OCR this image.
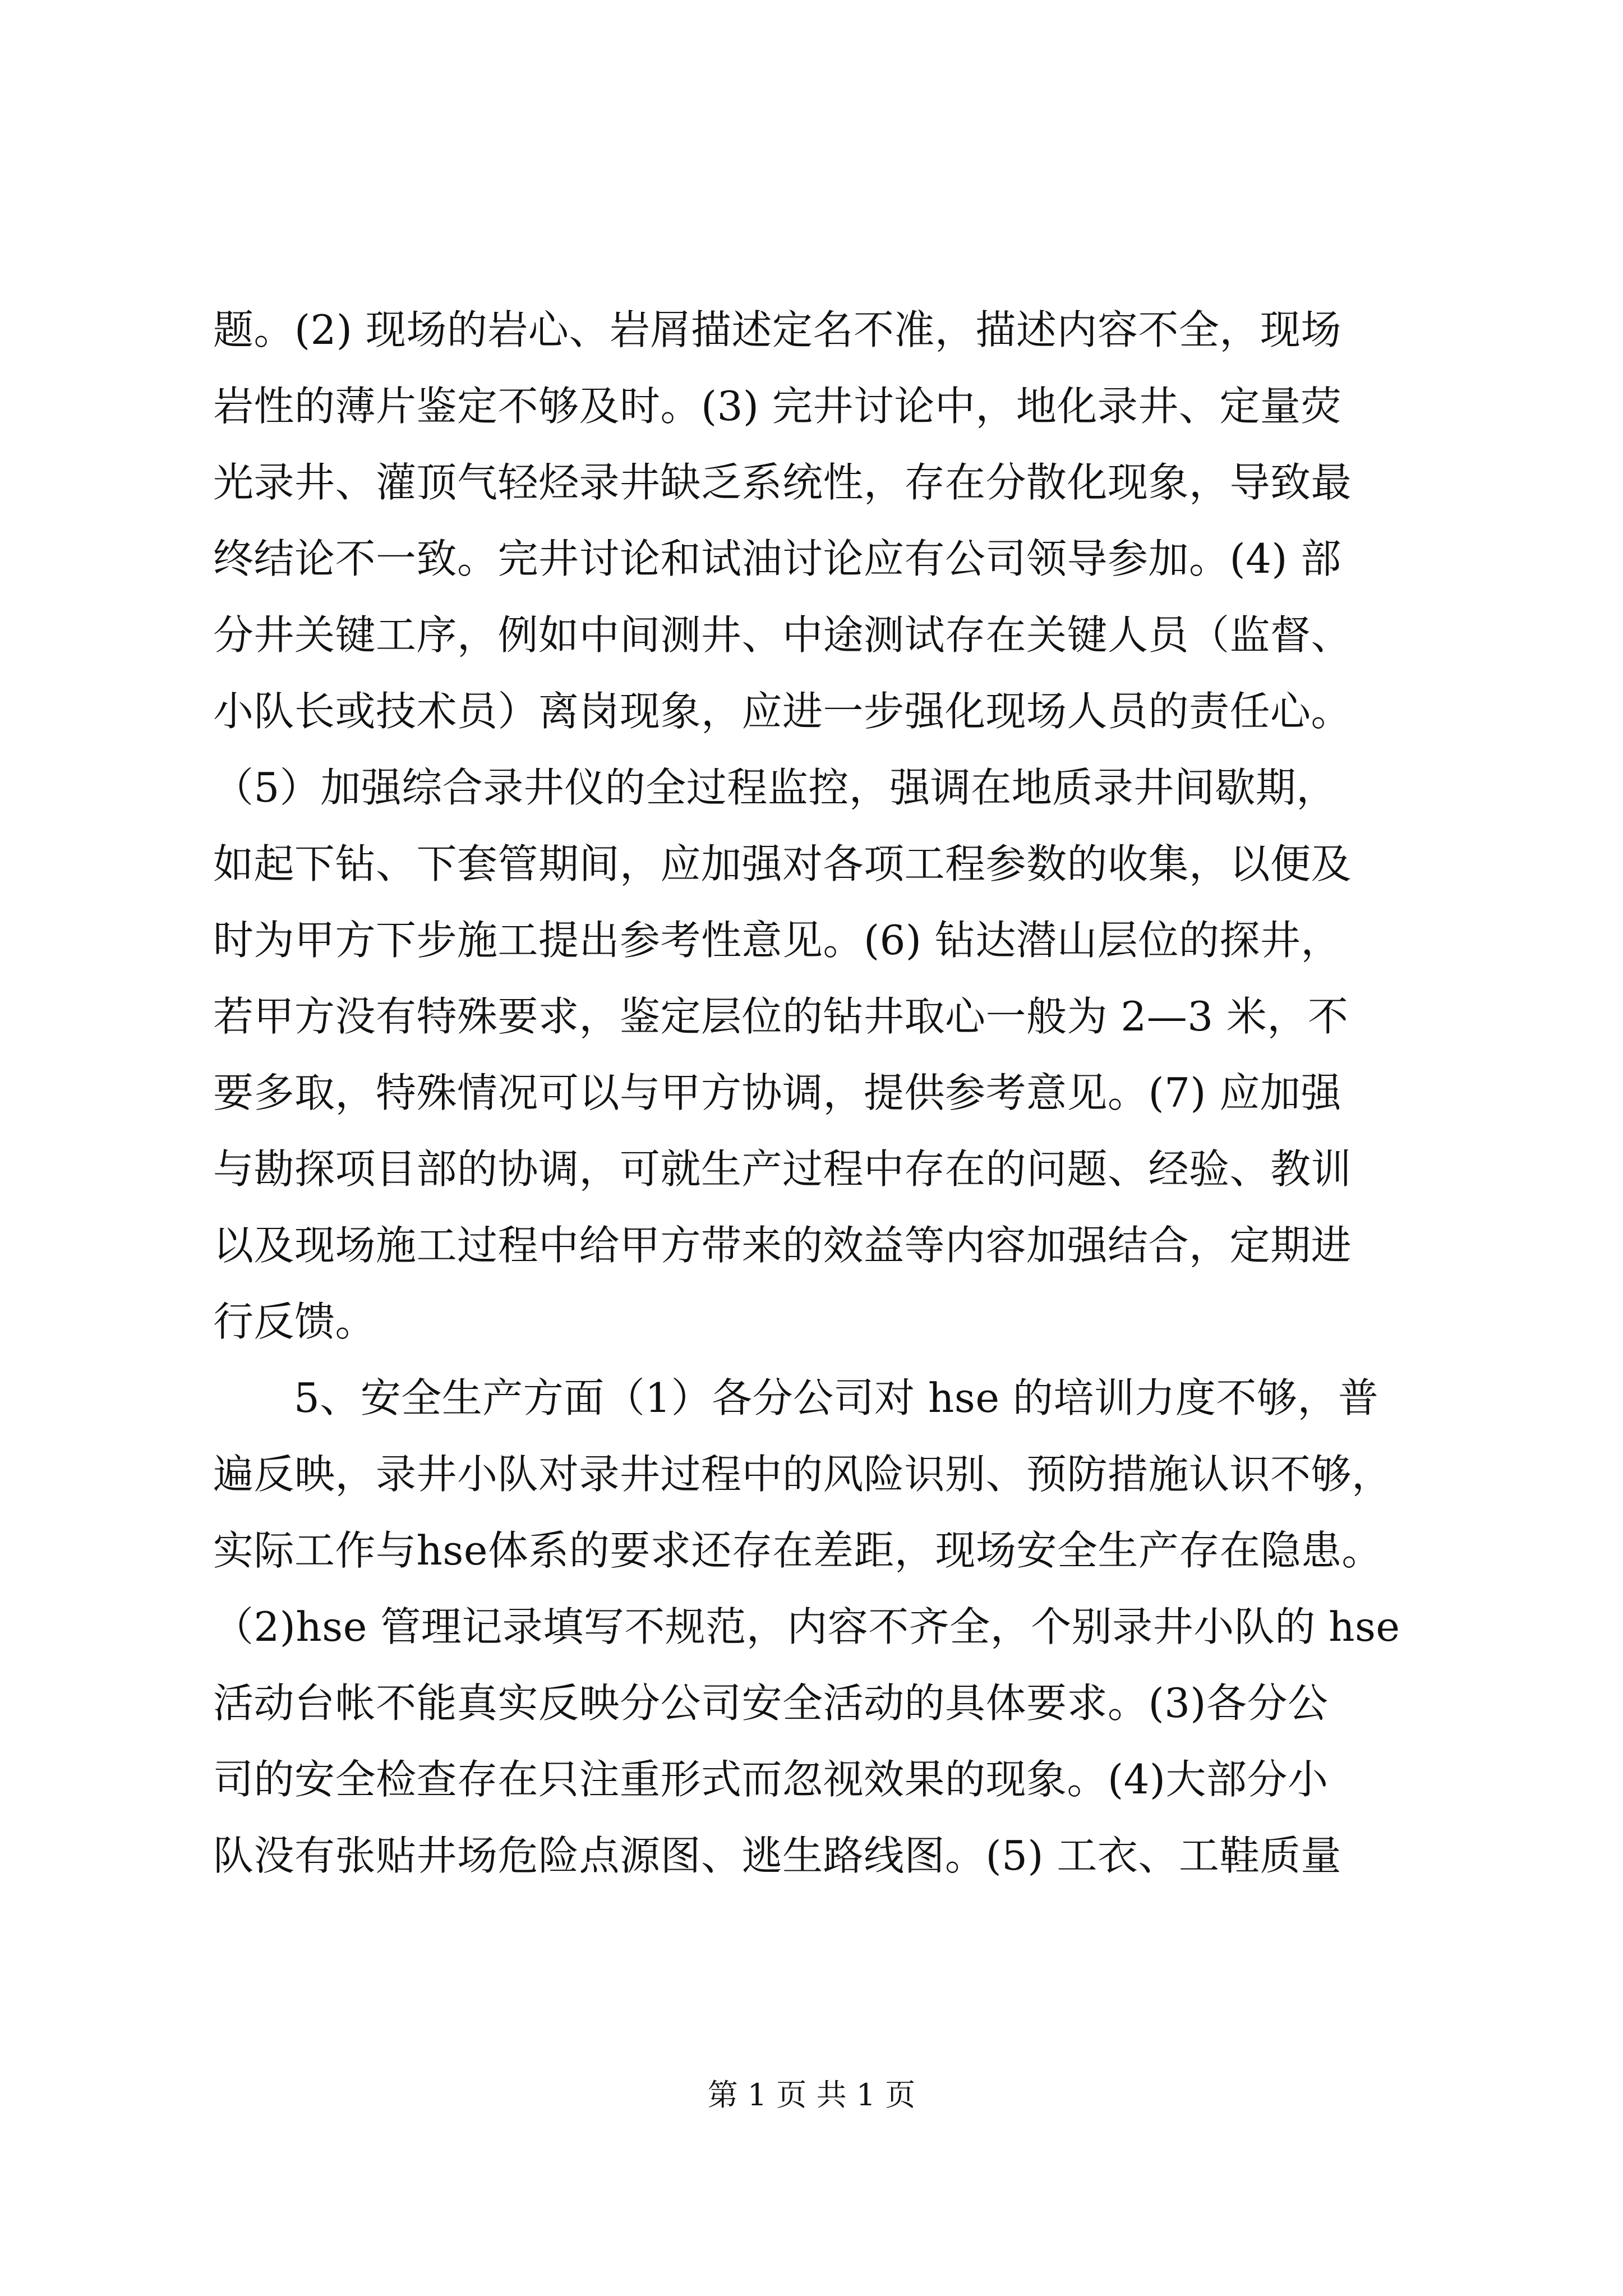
题。(2) 现场的岩心、岩屑描述定名不准，描述内容不全，现场
岩性的薄片鉴定不够及时。(3) 完井讨论中，地化录井、定量荧
光录井、灌顶气轻烃录井缺乏系统性，存在分散化现象，导致最
终结论不一致。完井讨论和试油讨论应有公司领导参加。(4) 部
分井关键工序，例如中间测井、中途测试存在关键人员（监督、
小队长或技术员）离岗现象，应进一步强化现场人员的责任心。
（5）加强综合录井仪的全过程监控，强调在地质录井间歇期，
如起下钻、下套管期间，应加强对各项工程参数的收集，以便及
时为甲方下步施工提出参考性意见。(6) 钻达潜山层位的探井，
若甲方没有特殊要求，鉴定层位的钻井取心一般为 2—3 米，不
要多取，特殊情况可以与甲方协调，提供参考意见。(7) 应加强
与勘探项目部的协调，可就生产过程中存在的问题、经验、教训
以及现场施工过程中给甲方带来的效益等内容加强结合，定期进
行反馈。
5、安全生产方面（1）各分公司对 hse 的培训力度不够，普
遍反映，录井小队对录井过程中的风险识别、预防措施认识不够，
实际工作与hse体系的要求还存在差距，现场安全生产存在隐患。
（2)hse 管理记录填写不规范，内容不齐全，个别录井小队的 hse
活动台帐不能真实反映分公司安全活动的具体要求。(3)各分公
司的安全检查存在只注重形式而忽视效果的现象。(4)大部分小
队没有张贴井场危险点源图、逃生路线图。(5) 工衣、工鞋质量
第 1 页 共 1 页
